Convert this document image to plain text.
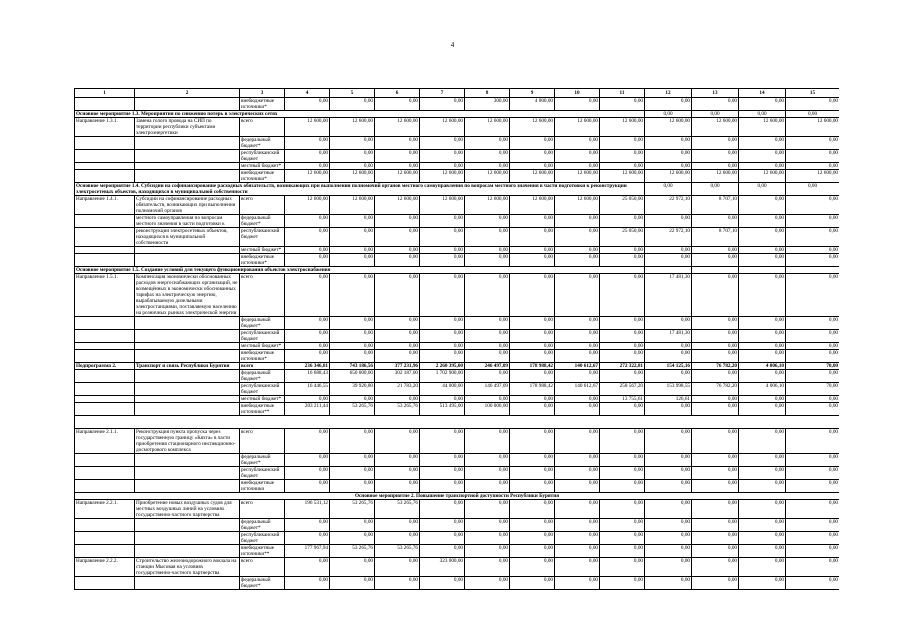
4
1	2	3	4	5	6	7	8	9	10	11	12	13	14	15
		внебюджетные источники*	0,00	0,00	0,00	0,00	300,00	4 000,00	0,00	0,00	0,00	0,00	0,00	0,00
Основное мероприятие 1.3. Мероприятия по снижению потерь в электрических сетях											0,00	0,00	0,00	0,00
Направление 1.3.1.	Замена голого провода на СИП по территории республики субъектами электроэнергетики	всего	12 600,00	12 600,00	12 600,00	12 600,00	12 600,00	12 600,00	12 600,00	12 600,00	12 600,00	12 600,00	12 600,00	12 600,00
		федеральный бюджет*	0,00	0,00	0,00	0,00	0,00	0,00	0,00	0,00	0,00	0,00	0,00	0,00
		республиканский бюджет	0,00	0,00	0,00	0,00	0,00	0,00	0,00	0,00	0,00	0,00	0,00	0,00
		местный бюджет*	0,00	0,00	0,00	0,00	0,00	0,00	0,00	0,00	0,00	0,00	0,00	0,00
		внебюджетные источники*	12 600,00	12 600,00	12 600,00	12 600,00	12 600,00	12 600,00	12 600,00	12 600,00	12 600,00	12 600,00	12 600,00	12 600,00
Основное мероприятие 1.4. Субсидии на софинансирование расходных обязательств, возникающих при выполнении полномочий органов местного самоуправления по вопросам местного значения в части подготовки к реконструкции электросетевых объектов, находящихся в муниципальной собственности											0,00	0,00	0,00	0,00
Направление 1.4.1.	Субсидии на софинансирование расходных обязательств, возникающих при выполнении полномочий органов	всего	12 600,00	12 600,00	12 600,00	12 600,00	12 600,00	12 600,00	12 600,00	25 050,00	22 972,10	8 707,10	0,00	0,00
	местного самоуправления по вопросам местного значения в части подготовки к	федеральный бюджет*	0,00	0,00	0,00	0,00	0,00	0,00	0,00	0,00	0,00	0,00	0,00	0,00
	реконструкции электросетевых объектов, находящихся в муниципальной собственности	республиканский бюджет	0,00	0,00	0,00	0,00	0,00	0,00	0,00	25 050,00	22 972,10	8 707,10	0,00	0,00
		местный бюджет*	0,00	0,00	0,00	0,00	0,00	0,00	0,00	0,00	0,00	0,00	0,00	0,00
		внебюджетные источники*	0,00	0,00	0,00	0,00	0,00	0,00	0,00	0,00	0,00	0,00	0,00	0,00
Основное мероприятие 1.5. Создание условий для текущего функционирования объектов электроснабжения														
Направление 1.5.1.	Компенсация экономически обоснованных расходов энергоснабжающих организаций, не возмещённых в экономически обоснованных тарифах на электрическую энергию, вырабатываемую дизельными электростанциями, поставляемую населению на розничных рынках электрической энергии	всего	0,00	0,00	0,00	0,00	0,00	0,00	0,00	0,00	17 481,30	0,00	0,00	0,00
		федеральный бюджет*	0,00	0,00	0,00	0,00	0,00	0,00	0,00	0,00	0,00	0,00	0,00	0,00
		республиканский бюджет	0,00	0,00	0,00	0,00	0,00	0,00	0,00	0,00	17 481,30	0,00	0,00	0,00
		местный бюджет*	0,00	0,00	0,00	0,00	0,00	0,00	0,00	0,00	0,00	0,00	0,00	0,00
		внебюджетные источники*	0,00	0,00	0,00	0,00	0,00	0,00	0,00	0,00	0,00	0,00	0,00	0,00
Подпрограмма 2.	Транспорт и связь Республики Бурятия	всего	236 346,81	743 186,56	377 231,96	2 260 395,00	246 497,09	178 988,42	140 612,67	272 322,81	154 125,16	76 782,20	4 006,10	70,00
		федеральный бюджет*	16 688,43	650 000,00	302 187,00	1 702 900,00	0,00	0,00	0,00	0,00	0,00	0,00	0,00	0,00
		республиканский бюджет	16 446,55	39 920,80	21 783,20	44 000,00	146 497,09	178 988,42	140 612,67	258 567,20	153 998,55	76 782,20	4 006,10	70,00
		местный бюджет*	0,00	0,00	0,00	0,00	0,00	0,00	0,00	13 755,61	126,61	0,00	0,00	0,00
		внебюджетные источники**	203 211,44	53 265,76	53 265,76	513 495,00	100 000,00	0,00	0,00	0,00	0,00	0,00	0,00	0,00

Направление 2.1.1.	Реконструкция пункта пропуска через государственную границу «Кяхта» в части приобретения стационарного инспекционно-досмотрового комплекса	всего	0,00	0,00	0,00	0,00	0,00	0,00	0,00	0,00	0,00	0,00	0,00	0,00
		федеральный бюджет*	0,00	0,00	0,00	0,00	0,00	0,00	0,00	0,00	0,00	0,00	0,00	0,00
		республиканский бюджет	0,00	0,00	0,00	0,00	0,00	0,00	0,00	0,00	0,00	0,00	0,00	0,00
		внебюджетные источники	0,00	0,00	0,00	0,00	0,00	0,00	0,00	0,00	0,00	0,00	0,00	0,00
Основное мероприятие 2. Повышение транспортной доступности Республики Бурятия														
Направление 2.2.1.	Приобретение новых воздушных судов для местных воздушных линий на условиях государственно-частного партнерства	всего	196 531,12	53 265,76	53 265,76	0,00	0,00	0,00	0,00	0,00	0,00	0,00	0,00	0,00
		федеральный бюджет*	0,00	0,00	0,00	0,00	0,00	0,00	0,00	0,00	0,00	0,00	0,00	0,00
		республиканский бюджет	0,00	0,00	0,00	0,00	0,00	0,00	0,00	0,00	0,00	0,00	0,00	0,00
		внебюджетные источники**	177 967,94	53 265,76	53 265,76	0,00	0,00	0,00	0,00	0,00	0,00	0,00	0,00	0,00
Направление 2.2.2.	Строительство железнодорожного вокзала на станции Мысовая на условиях государственно-частного партнерства	всего	0,00	0,00	0,00	323 000,00	0,00	0,00	0,00	0,00	0,00	0,00	0,00	0,00
		федеральный бюджет*	0,00	0,00	0,00	0,00	0,00	0,00	0,00	0,00	0,00	0,00	0,00	0,00
